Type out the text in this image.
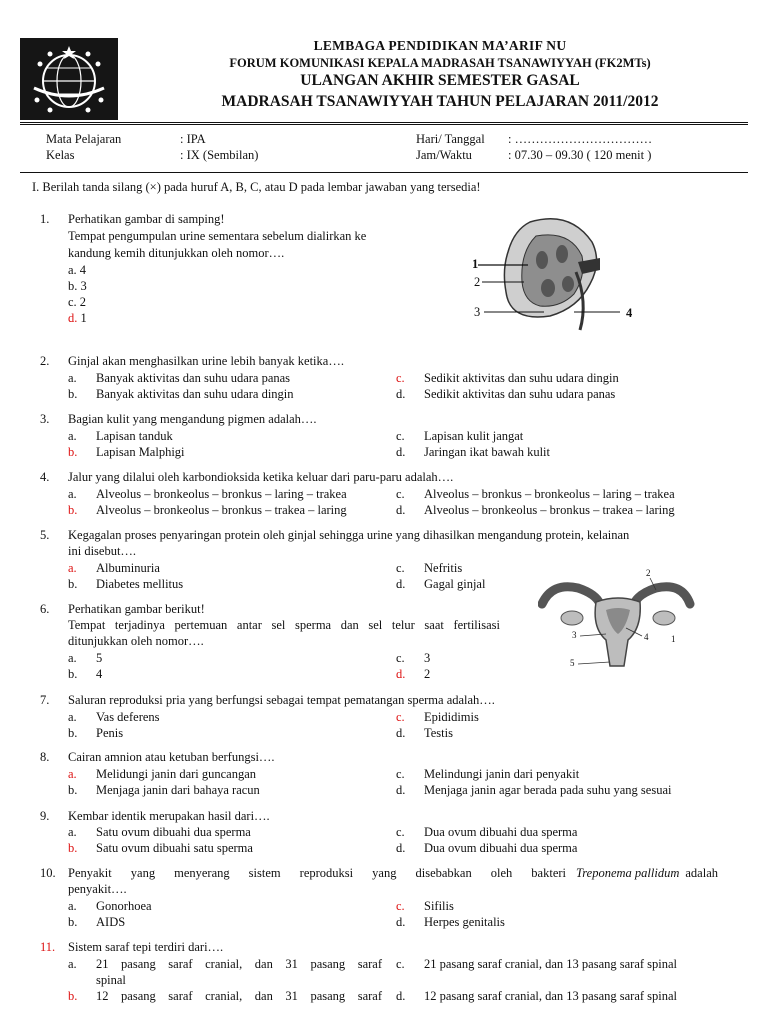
LEMBAGA PENDIDIKAN MA’ARIF NU
FORUM KOMUNIKASI KEPALA MADRASAH TSANAWIYYAH (FK2MTs)
ULANGAN AKHIR SEMESTER GASAL
MADRASAH TSANAWIYYAH TAHUN PELAJARAN 2011/2012
Mata Pelajaran	: IPA
Kelas	: IX (Sembilan)
Hari/ Tanggal : ……………………………
Jam/Waktu	: 07.30 – 09.30 ( 120 menit )
I. Berilah tanda silang (×) pada huruf A, B, C, atau D pada lembar jawaban yang tersedia!
1. Perhatikan gambar di samping!
Tempat pengumpulan urine sementara sebelum dialirkan ke
kandung kemih ditunjukkan oleh nomor….
a. 4
b. 3
c. 2
d. 1
1
2
3	4
2. Ginjal akan menghasilkan urine lebih banyak ketika….
a. Banyak aktivitas dan suhu udara panas
b. Banyak aktivitas dan suhu udara dingin
c. Sedikit aktivitas dan suhu udara dingin
d. Sedikit aktivitas dan suhu udara panas
3. Bagian kulit yang mengandung pigmen adalah….
a. Lapisan tanduk
b. Lapisan Malphigi
c. Lapisan kulit jangat
d. Jaringan ikat bawah kulit
4. Jalur yang dilalui oleh karbondioksida ketika keluar dari paru-paru adalah….
a. Alveolus – bronkeolus – bronkus – laring – trakea
b. Alveolus – bronkeolus – bronkus – trakea – laring
c. Alveolus – bronkus – bronkeolus – laring – trakea
d. Alveolus – bronkeolus – bronkus – trakea – laring
5. Kegagalan proses penyaringan protein oleh ginjal sehingga urine yang dihasilkan mengandung protein, kelainan
ini disebut….
a. Albuminuria
b. Diabetes mellitus
c. Nefritis
d. Gagal ginjal
1
2
3	4
5
6. Perhatikan gambar berikut!
Tempat terjadinya pertemuan antar sel sperma dan sel telur saat fertilisasi
ditunjukkan oleh nomor….
a. 5
b. 4
c. 3
d. 2
7. Saluran reproduksi pria yang berfungsi sebagai tempat pematangan sperma adalah….
a. Vas deferens
b. Penis
c. Epididimis
d. Testis
8. Cairan amnion atau ketuban berfungsi….
a. Melidungi janin dari guncangan
b. Menjaga janin dari bahaya racun
c. Melindungi janin dari penyakit
d. Menjaga janin agar berada pada suhu yang sesuai
9. Kembar identik merupakan hasil dari….
a. Satu ovum dibuahi dua sperma
b. Satu ovum dibuahi satu sperma
c. Dua ovum dibuahi dua sperma
d. Dua ovum dibuahi dua sperma
10. Penyakit yang menyerang sistem reproduksi yang disebabkan oleh bakteri Treponema pallidum adalah
penyakit….
a. Gonorhoea
b. AIDS
c. Sifilis
d. Herpes genitalis
11. Sistem saraf tepi terdiri dari….
a. 21 pasang saraf cranial, dan 31 pasang saraf
spinal
b. 12 pasang saraf cranial, dan 31 pasang saraf
c. 21 pasang saraf cranial, dan 13 pasang saraf spinal
d. 12 pasang saraf cranial, dan 13 pasang saraf spinal
